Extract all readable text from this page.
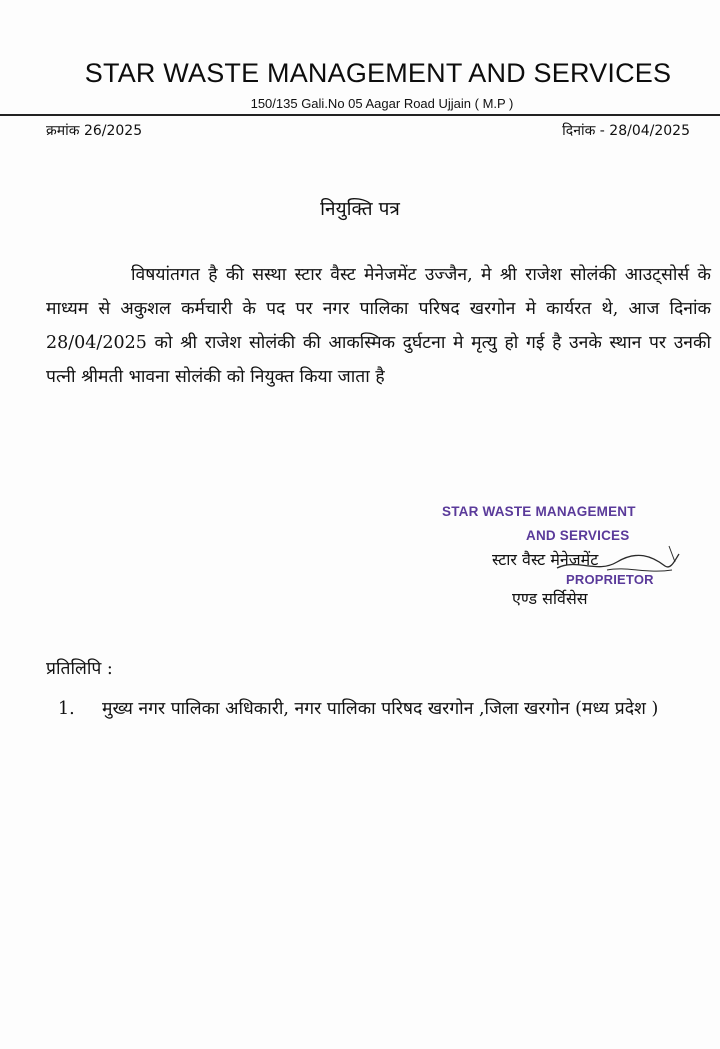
STAR WASTE MANAGEMENT AND SERVICES
150/135 Gali.No 05 Aagar Road Ujjain ( M.P )
क्रमांक 26/2025	दिनांक - 28/04/2025
नियुक्ति पत्र
विषयांतगत है की सस्था स्टार वैस्ट मेनेजमेंट उज्जैन, मे श्री राजेश सोलंकी आउट्सोर्स के माध्यम से अकुशल कर्मचारी के पद पर नगर पालिका परिषद खरगोन मे कार्यरत थे, आज दिनांक 28/04/2025 को श्री राजेश सोलंकी की आकस्मिक दुर्घटना मे मृत्यु हो गई है उनके स्थान पर उनकी पत्नी श्रीमती भावना सोलंकी को नियुक्त किया जाता है
STAR WASTE MANAGEMENT
AND SERVICES
स्टार वैस्ट मेनेजमेंट
PROPRIETOR
एण्ड सर्विसेस
प्रतिलिपि :
1. मुख्य नगर पालिका अधिकारी, नगर पालिका परिषद खरगोन ,जिला खरगोन (मध्य प्रदेश )
